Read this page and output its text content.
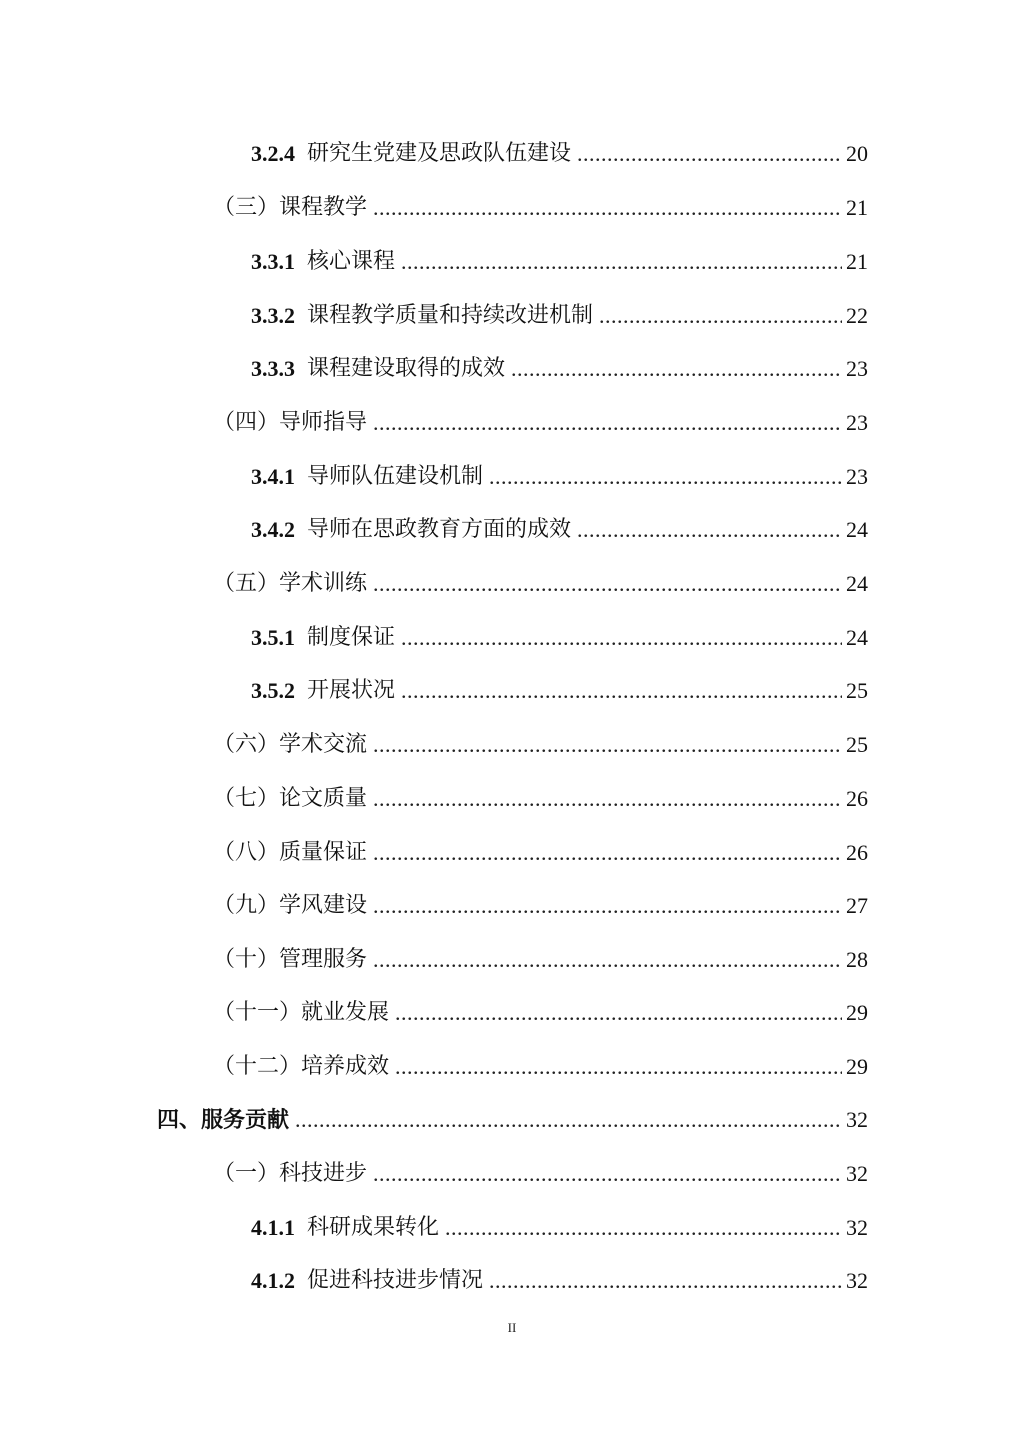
3.2.4 研究生党建及思政队伍建设 .....	20
（三）课程教学 .....	21
3.3.1 核心课程 .....	21
3.3.2 课程教学质量和持续改进机制 .....	22
3.3.3 课程建设取得的成效 .....	23
（四）导师指导 .....	23
3.4.1 导师队伍建设机制 .....	23
3.4.2 导师在思政教育方面的成效 .....	24
（五）学术训练 .....	24
3.5.1 制度保证 .....	24
3.5.2 开展状况 .....	25
（六）学术交流 .....	25
（七）论文质量 .....	26
（八）质量保证 .....	26
（九）学风建设 .....	27
（十）管理服务 .....	28
（十一）就业发展 .....	29
（十二）培养成效 .....	29
四、服务贡献 .....	32
（一）科技进步 .....	32
4.1.1 科研成果转化 .....	32
4.1.2 促进科技进步情况 .....	32
II
